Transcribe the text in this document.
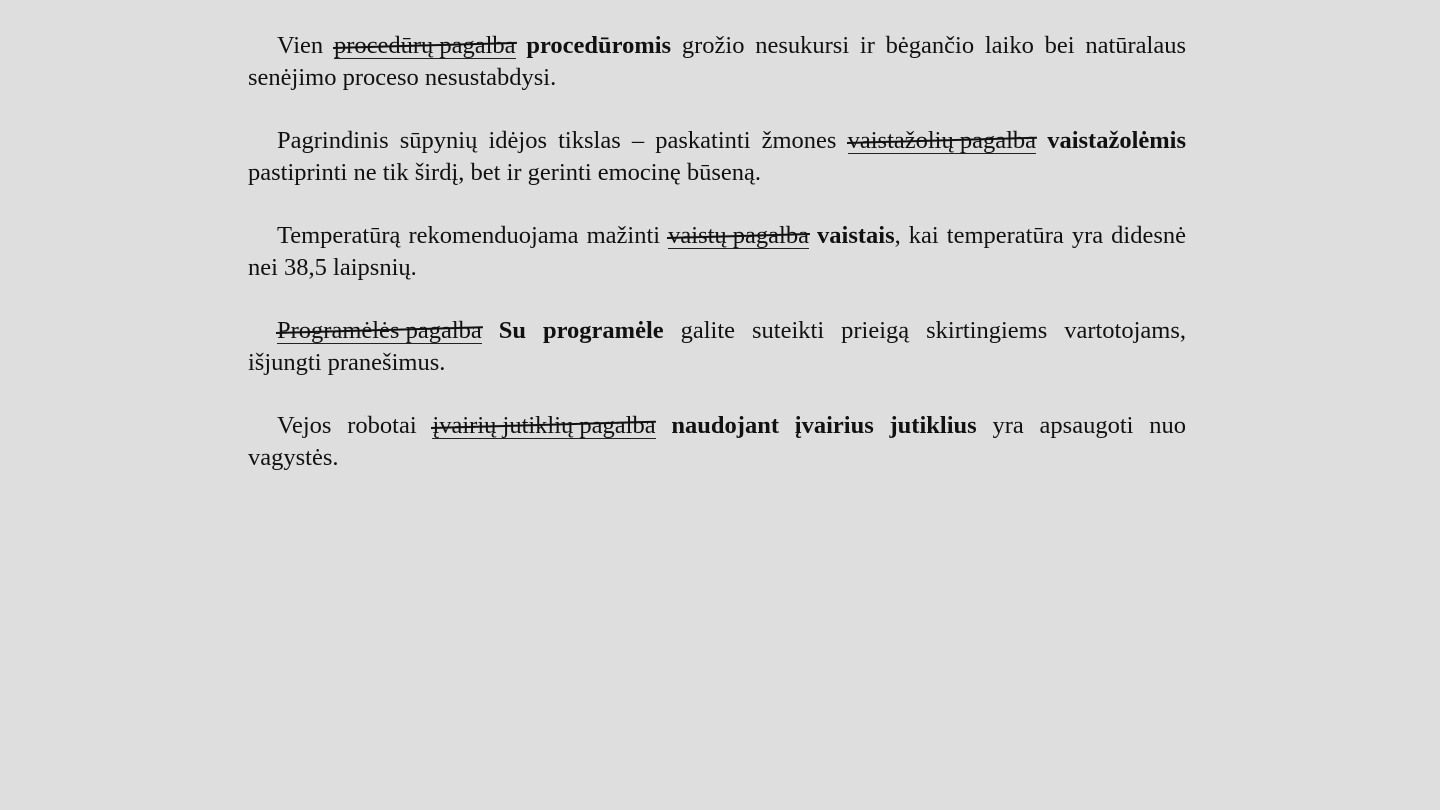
Vien
procedūrų pagalba procedūromis grožio nesukursi ir bėgančio laiko bei natūralaus senėjimo proceso nesustabdysi.

Pagrindinis sūpynių idėjos tikslas – paskatinti žmones
vaistažolių pagalba vaistažolėmis pastiprinti ne tik širdį, bet ir gerinti emocinę būseną.

Temperatūrą rekomenduojama mažinti
vaistų pagalba vaistais, kai temperatūra yra didesnė nei 38,5 laipsnių.

Programėlės pagalba Su programėle galite suteikti prieigą skirtingiems vartotojams, išjungti pranešimus.

Vejos robotai
įvairių jutiklių pagalba naudojant įvairius jutiklius yra apsaugoti nuo vagystės.
